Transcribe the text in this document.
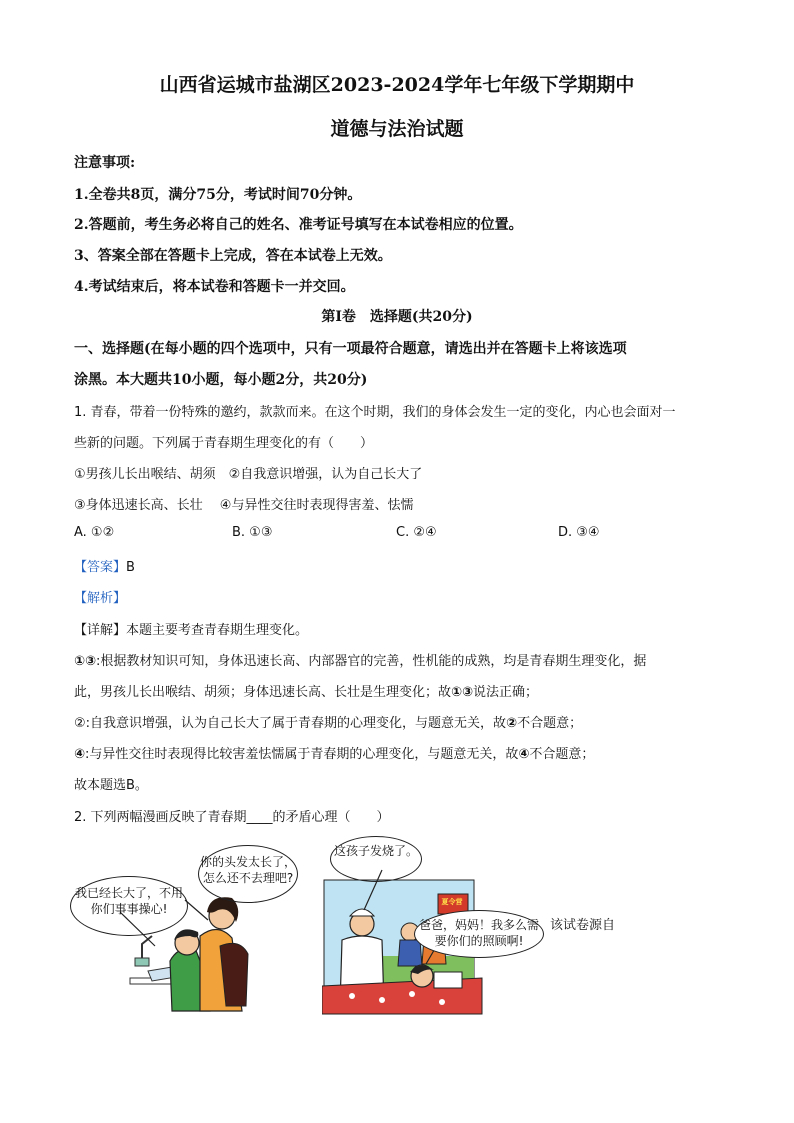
山西省运城市盐湖区2023-2024学年七年级下学期期中
道德与法治试题
注意事项:
1.全卷共8页，满分75分，考试时间70分钟。
2.答题前，考生务必将自己的姓名、准考证号填写在本试卷相应的位置。
3、答案全部在答题卡上完成，答在本试卷上无效。
4.考试结束后，将本试卷和答题卡一并交回。
第Ⅰ卷　选择题(共20分)
一、选择题(在每小题的四个选项中，只有一项最符合题意，请选出并在答题卡上将该选项
涂黑。本大题共10小题，每小题2分，共20分)
1. 青春，带着一份特殊的邀约，款款而来。在这个时期，我们的身体会发生一定的变化，内心也会面对一
些新的问题。下列属于青春期生理变化的有（　　）
①男孩儿长出喉结、胡须　②自我意识增强，认为自己长大了
③身体迅速长高、长壮　 ④与异性交往时表现得害羞、怯懦
A. ①②	B. ①③	C. ②④	D. ③④
【答案】B
【解析】
【详解】本题主要考查青春期生理变化。
①③:根据教材知识可知，身体迅速长高、内部器官的完善，性机能的成熟，均是青春期生理变化，据
此，男孩儿长出喉结、胡须；身体迅速长高、长壮是生理变化；故①③说法正确；
②:自我意识增强，认为自己长大了属于青春期的心理变化，与题意无关，故②不合题意；
④:与异性交往时表现得比较害羞怯懦属于青春期的心理变化，与题意无关，故④不合题意；
故本题选B。
2. 下列两幅漫画反映了青春期____的矛盾心理（　　）
你的头发太长了，怎么还不去理吧?
我已经长大了，不用你们事事操心!	夏令营
这孩子发烧了。
爸爸，妈妈！我多么需要你们的照顾啊!
该试卷源自
